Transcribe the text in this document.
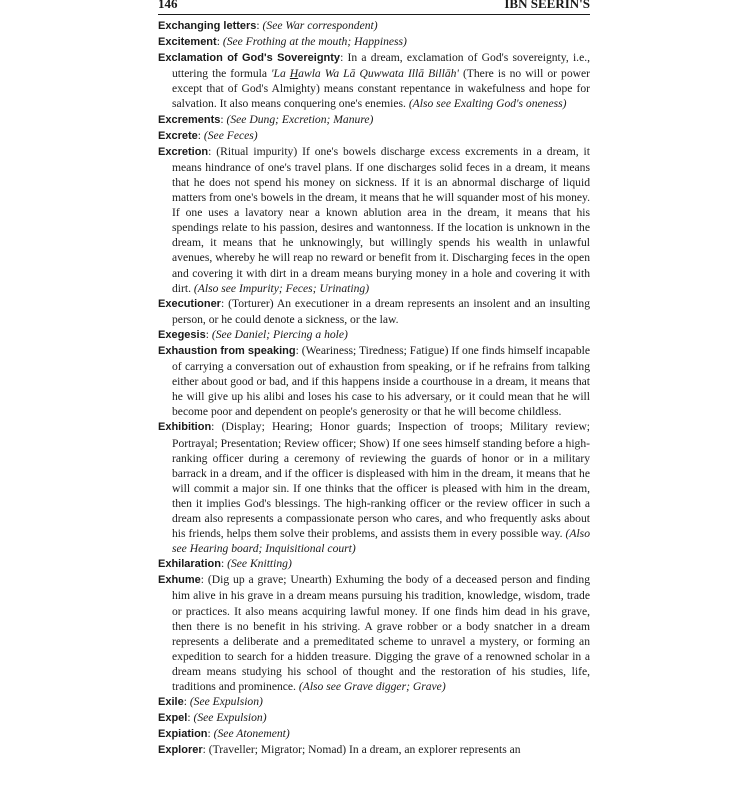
146	IBN SEERIN'S
Exchanging letters: (See War correspondent)
Excitement: (See Frothing at the mouth; Happiness)
Exclamation of God's Sovereignty: In a dream, exclamation of God's sovereignty, i.e., uttering the formula 'La Hawla Wa Lā Quwwata Illā Billāh' (There is no will or power except that of God's Almighty) means constant repentance in wakefulness and hope for salvation. It also means conquering one's enemies. (Also see Exalting God's oneness)
Excrements: (See Dung; Excretion; Manure)
Excrete: (See Feces)
Excretion: (Ritual impurity) If one's bowels discharge excess excrements in a dream, it means hindrance of one's travel plans. If one discharges solid feces in a dream, it means that he does not spend his money on sickness. If it is an abnormal discharge of liquid matters from one's bowels in the dream, it means that he will squander most of his money. If one uses a lavatory near a known ablution area in the dream, it means that his spendings relate to his passion, desires and wantonness. If the location is unknown in the dream, it means that he unknowingly, but willingly spends his wealth in unlawful avenues, whereby he will reap no reward or benefit from it. Discharging feces in the open and covering it with dirt in a dream means burying money in a hole and covering it with dirt. (Also see Impurity; Feces; Urinating)
Executioner: (Torturer) An executioner in a dream represents an insolent and an insulting person, or he could denote a sickness, or the law.
Exegesis: (See Daniel; Piercing a hole)
Exhaustion from speaking: (Weariness; Tiredness; Fatigue) If one finds himself incapable of carrying a conversation out of exhaustion from speaking, or if he refrains from talking either about good or bad, and if this happens inside a courthouse in a dream, it means that he will give up his alibi and loses his case to his adversary, or it could mean that he will become poor and dependent on people's generosity or that he will become childless.
Exhibition: (Display; Hearing; Honor guards; Inspection of troops; Military review; Portrayal; Presentation; Review officer; Show) If one sees himself standing before a high-ranking officer during a ceremony of reviewing the guards of honor or in a military barrack in a dream, and if the officer is displeased with him in the dream, it means that he will commit a major sin. If one thinks that the officer is pleased with him in the dream, then it implies God's blessings. The high-ranking officer or the review officer in such a dream also represents a compassionate person who cares, and who frequently asks about his friends, helps them solve their problems, and assists them in every possible way. (Also see Hearing board; Inquisitional court)
Exhilaration: (See Knitting)
Exhume: (Dig up a grave; Unearth) Exhuming the body of a deceased person and finding him alive in his grave in a dream means pursuing his tradition, knowledge, wisdom, trade or practices. It also means acquiring lawful money. If one finds him dead in his grave, then there is no benefit in his striving. A grave robber or a body snatcher in a dream represents a deliberate and a premeditated scheme to unravel a mystery, or forming an expedition to search for a hidden treasure. Digging the grave of a renowned scholar in a dream means studying his school of thought and the restoration of his studies, life, traditions and prominence. (Also see Grave digger; Grave)
Exile: (See Expulsion)
Expel: (See Expulsion)
Expiation: (See Atonement)
Explorer: (Traveller; Migrator; Nomad) In a dream, an explorer represents an
